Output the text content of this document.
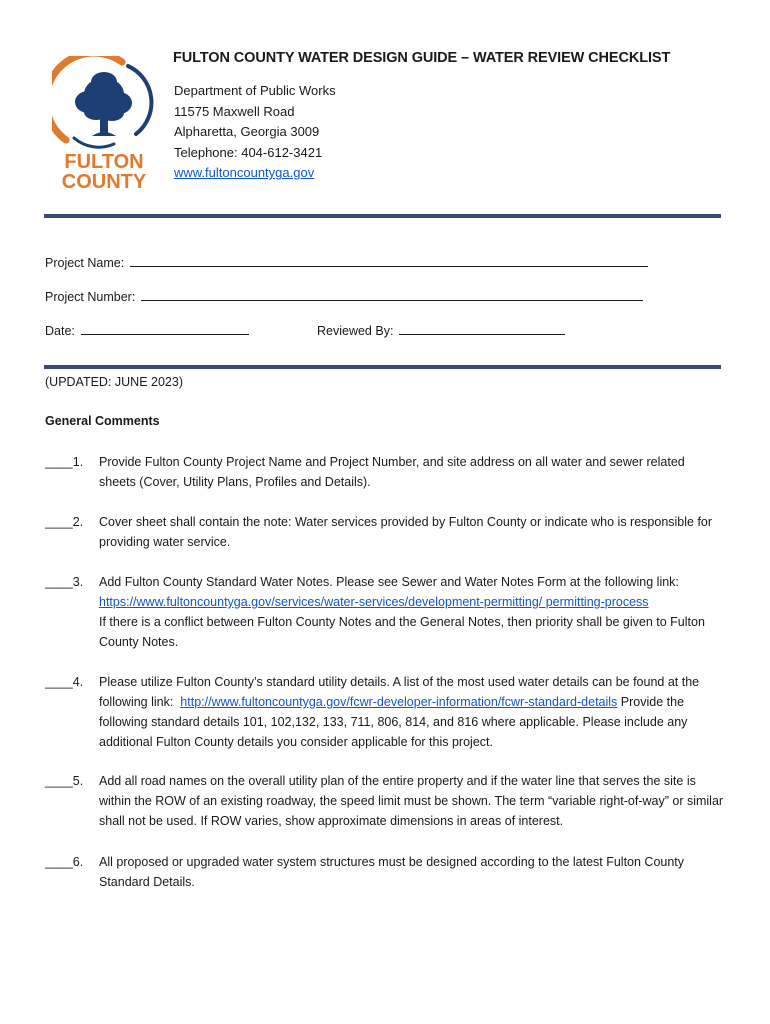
FULTON
COUNTY
FULTON COUNTY WATER DESIGN GUIDE – WATER REVIEW CHECKLIST
Department of Public Works
11575 Maxwell Road
Alpharetta, Georgia 3009
Telephone: 404-612-3421
www.fultoncountyga.gov
Project Name:
Project Number:
Date:	Reviewed By:
(UPDATED: JUNE 2023)
General Comments
____1. Provide Fulton County Project Name and Project Number, and site address on all water and sewer related sheets (Cover, Utility Plans, Profiles and Details).
____2. Cover sheet shall contain the note: Water services provided by Fulton County or indicate who is responsible for providing water service.
____3. Add Fulton County Standard Water Notes. Please see Sewer and Water Notes Form at the following link:
https://www.fultoncountyga.gov/services/water-services/development-permitting/ permitting-process
If there is a conflict between Fulton County Notes and the General Notes, then priority shall be given to Fulton County Notes.
____4. Please utilize Fulton County’s standard utility details. A list of the most used water details can be found at the following link: http://www.fultoncountyga.gov/fcwr-developer-information/fcwr-standard-details Provide the following standard details 101, 102,132, 133, 711, 806, 814, and 816 where applicable. Please include any additional Fulton County details you consider applicable for this project.
____5. Add all road names on the overall utility plan of the entire property and if the water line that serves the site is within the ROW of an existing roadway, the speed limit must be shown. The term “variable right-of-way” or similar shall not be used. If ROW varies, show approximate dimensions in areas of interest.
____6. All proposed or upgraded water system structures must be designed according to the latest Fulton County Standard Details.
